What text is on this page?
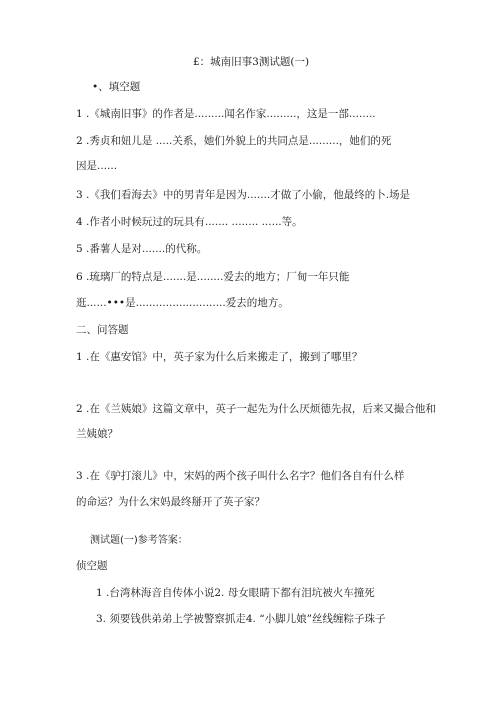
£：城南旧事3测试题(一)
•、填空题
1 .《城南旧事》的作者是.........闻名作家.........，这是一部........
2 .秀贞和妞儿是 .....关系，她们外貌上的共同点是.........，她们的死
因是......
3 .《我们看海去》中的男青年是因为.......才做了小偷，他最终的卜.场是
4 .作者小时候玩过的玩具有....... ........ ......等。
5 .番薯人是对.......的代称。
6 .琉璃厂的特点是.......是........爱去的地方；厂甸一年只能
逛......•••是...........................爱去的地方。
二、问答题
1 .在《惠安馆》中，英子家为什么后来搬走了，搬到了哪里？
2 .在《兰姨娘》这篇文章中，英子一起先为什么厌烦德先叔，后来又撮合他和
兰姨娘？
3 .在《驴打滚儿》中，宋妈的两个孩子叫什么名字？他们各自有什么样
的命运？为什么宋妈最终掰开了英子家？
测试题(一)参考答案：
侦空题
1 .台湾林海音自传体小说2. 母女眼睛下都有泪坑被火车撞死
3. 须要钱供弟弟上学被警察抓走4. “小脚儿娘”丝线缠粽子珠子
